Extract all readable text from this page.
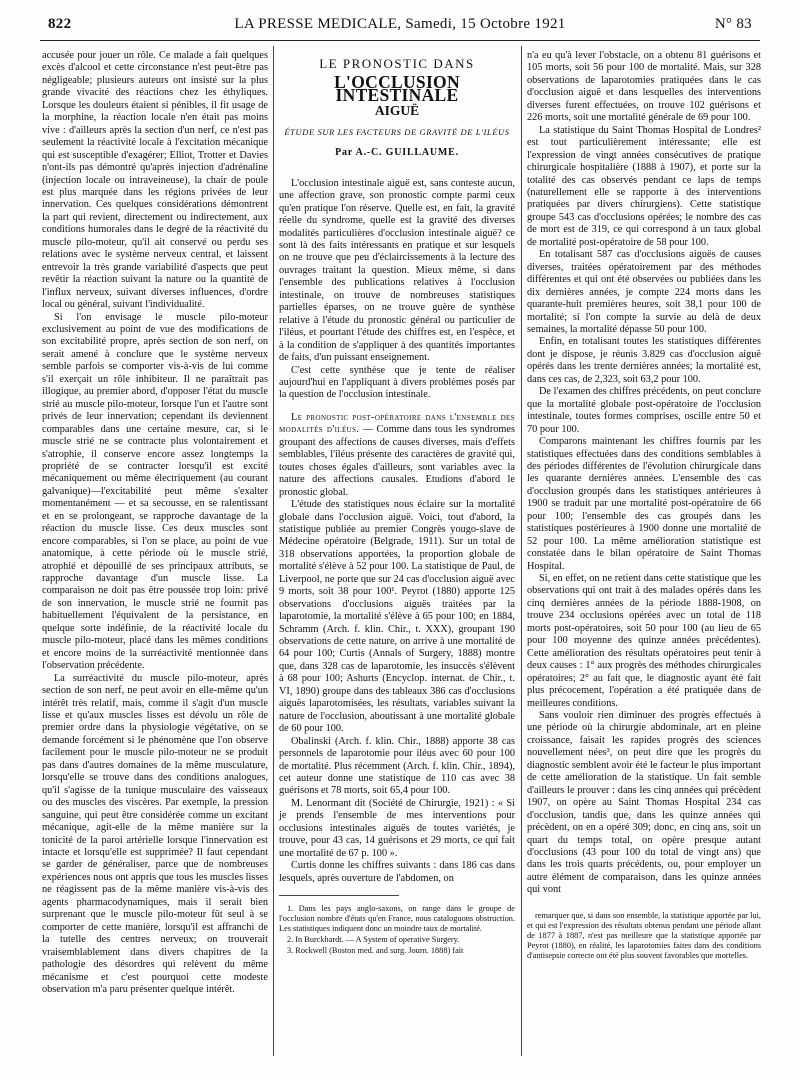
822	LA PRESSE MEDICALE, Samedi, 15 Octobre 1921	N° 83

accusée pour jouer un rôle. Ce malade a fait quelques excès d'alcool et cette circonstance n'est peut-être pas négligeable; plusieurs auteurs ont insisté sur la plus grande vivacité des réactions chez les éthyliques. Lorsque les douleurs étaient si pénibles, il fit usage de la morphine, la réaction locale n'en était pas moins vive : d'ailleurs après la section d'un nerf, ce n'est pas seulement la réactivité locale à l'excitation mécanique qui est susceptible d'exagérer; Elliot, Trotter et Davies n'ont-ils pas démontré qu'après injection d'adrénaline (injection locale ou intraveineuse), la chair de poule est plus marquée dans les régions privées de leur innervation. Ces quelques considérations démontrent la part qui revient, directement ou indirectement, aux conditions humorales dans le degré de la réactivité du muscle pilo-moteur, qu'il ait conservé ou perdu ses relations avec le système nerveux central, et laissent entrevoir la très grande variabilité d'aspects que peut revêtir la réaction suivant la nature ou la quantité de l'influx nerveux, suivant diverses influences, d'ordre local ou général, suivant l'individualité.

Si l'on envisage le muscle pilo-moteur exclusivement au point de vue des modifications de son excitabilité propre, après section de son nerf, on serait amené à conclure que le système nerveux semble parfois se comporter vis-à-vis de lui comme s'il exerçait un rôle inhibiteur. Il ne paraîtrait pas illogique, au premier abord, d'opposer l'état du muscle strié au muscle pilo-moteur, lorsque l'un et l'autre sont privés de leur innervation; cependant ils deviennent comparables dans une certaine mesure, car, si le muscle strié ne se contracte plus volontairement et s'atrophie, il conserve encore assez longtemps la propriété de se contracter lorsqu'il est excité mécaniquement ou même électriquement (au courant galvanique)—l'excitabilité peut même s'exalter momentanément — et sa secousse, en se ralentissant et en se prolongeant, se rapproche davantage de la réaction du muscle lisse. Ces deux muscles sont encore comparables, si l'on se place, au point de vue anatomique, à cette période où le muscle strié, atrophié et dépouillé de ses principaux attributs, se rapproche davantage d'un muscle lisse. La comparaison ne doit pas être poussée trop loin: privé de son innervation, le muscle strié ne fournit pas habituellement l'équivalent de la persistance, en quelque sorte indéfinie, de la réactivité locale du muscle pilo-moteur, placé dans les mêmes conditions et encore moins de la surréactivité mentionnée dans l'observation précédente.

La surréactivité du muscle pilo-moteur, après section de son nerf, ne peut avoir en elle-même qu'un intérêt très relatif, mais, comme il s'agit d'un muscle lisse et qu'aux muscles lisses est dévolu un rôle de premier ordre dans la physiologie végétative, on se demande forcément si le phénomène que l'on observe facilement pour le muscle pilo-moteur ne se produit pas dans d'autres domaines de la même musculature, lorsqu'elle se trouve dans des conditions analogues, qu'il s'agisse de la tunique musculaire des vaisseaux ou des muscles des viscères. Par exemple, la pression sanguine, qui peut être considérée comme un excitant mécanique, agit-elle de la même manière sur la tonicité de la paroi artérielle lorsque l'innervation est intacte et lorsqu'elle est supprimée? Il faut cependant se garder de généraliser, parce que de nombreuses expériences nous ont appris que tous les muscles lisses ne réagissent pas de la même manière vis-à-vis des agents pharmacodynamiques, mais il serait bien surprenant que le muscle pilo-moteur fût seul à se comporter de cette manière, lorsqu'il est affranchi de la tutelle des centres nerveux; on trouverait vraisemblablement dans divers chapitres de la pathologie des désordres qui relèvent du même mécanisme et c'est pourquoi cette modeste observation m'a paru présenter quelque intérêt.

LE PRONOSTIC DANS
L'OCCLUSION INTESTINALE
AIGUË
ÉTUDE SUR LES FACTEURS DE GRAVITÉ DE L'ILÉUS
Par A.-C. GUILLAUME.

L'occlusion intestinale aiguë est, sans conteste aucun, une affection grave, son pronostic compte parmi ceux qu'en pratique l'on réserve. Quelle est, en fait, la gravité réelle du syndrome, quelle est la gravité des diverses modalités particulières d'occlusion intestinale aiguë? ce sont là des faits intéressants en pratique et sur lesquels on ne trouve que peu d'éclaircissements à la lecture des ouvrages traitant la question. Mieux même, si dans l'ensemble des publications relatives à l'occlusion intestinale, on trouve de nombreuses statistiques partielles éparses, on ne trouve guère de synthèse relative à l'étude du pronostic général ou particulier de l'iléus, et pourtant l'étude des chiffres est, en l'espèce, et à la condition de s'appliquer à des quantités importantes de faits, d'un puissant enseignement.

C'est cette synthèse que je tente de réaliser aujourd'hui en l'appliquant à divers problèmes posés par la question de l'occlusion intestinale.

Le pronostic post-opératoire dans l'ensemble des modalités d'iléus. — Comme dans tous les syndromes groupant des affections de causes diverses, mais d'effets semblables, l'iléus présente des caractères de gravité qui, toutes choses égales d'ailleurs, sont variables avec la nature des affections causales. Etudions d'abord le pronostic global.

L'étude des statistiques nous éclaire sur la mortalité globale dans l'occlusion aiguë. Voici, tout d'abord, la statistique publiée au premier Congrès yougo-slave de Médecine opératoire (Belgrade, 1911). Sur un total de 318 observations apportées, la proportion globale de mortalité s'élève à 52 pour 100. La statistique de Paul, de Liverpool, ne porte que sur 24 cas d'occlusion aiguë avec 9 morts, soit 38 pour 100¹. Peyrot (1880) apporte 125 observations d'occlusions aiguës traitées par la laparotomie, la mortalité s'élève à 65 pour 100; en 1884, Schramm (Arch. f. klin. Chir., t. XXX), groupant 190 observations de cette nature, on arrive à une mortalité de 64 pour 100; Curtis (Annals of Surgery, 1888) montre que, dans 328 cas de laparotomie, les insuccès s'élèvent à 68 pour 100; Ashurts (Encyclop. internat. de Chir., t. VI, 1890) groupe dans des tableaux 386 cas d'occlusions aiguës laparotomisées, les résultats, variables suivant la nature de l'occlusion, aboutissant à une mortalité globale de 60 pour 100.

Obalinski (Arch. f. klin. Chir., 1888) apporte 38 cas personnels de laparotomie pour iléus avec 60 pour 100 de mortalité. Plus récemment (Arch. f. klin. Chir., 1894), cet auteur donne une statistique de 110 cas avec 38 guérisons et 78 morts, soit 65,4 pour 100.

M. Lenormant dit (Société de Chirurgie, 1921) : « Si je prends l'ensemble de mes interventions pour occlusions intestinales aiguës de toutes variétés, je trouve, pour 43 cas, 14 guérisons et 29 morts, ce qui fait une mortalité de 67 p. 100 ».

Curtis donne les chiffres suivants : dans 186 cas dans lesquels, après ouverture de l'abdomen, on

1. Dans les pays anglo-saxons, on range dans le groupe de l'occlusion nombre d'états qu'en France, nous cataloguons obstruction. Les statistiques indiquent donc un moindre taux de mortalité.

2. In Burckhardt. — A System of operative Surgery.

3. Rockwell (Boston med. and surg. Journ. 1888) fait

n'a eu qu'à lever l'obstacle, on a obtenu 81 guérisons et 105 morts, soit 56 pour 100 de mortalité. Mais, sur 328 observations de laparotomies pratiquées dans le cas d'occlusion aiguë et dans lesquelles des interventions diverses furent effectuées, on trouve 102 guérisons et 226 morts, soit une mortalité générale de 69 pour 100.

La statistique du Saint Thomas Hospital de Londres² est tout particulièrement intéressante; elle est l'expression de vingt années consécutives de pratique chirurgicale hospitalière (1888 à 1907), et porte sur la totalité des cas observés pendant ce laps de temps (naturellement elle se rapporte à des interventions pratiquées par divers chirurgiens). Cette statistique groupe 543 cas d'occlusions opérées; le nombre des cas de mort est de 319, ce qui correspond à un taux global de mortalité post-opératoire de 58 pour 100.

En totalisant 587 cas d'occlusions aiguës de causes diverses, traitées opératoirement par des méthodes différentes et qui ont été observées ou publiées dans les dix dernières années, je compte 224 morts dans les quarante-huit premières heures, soit 38,1 pour 100 de mortalité; si l'on compte la survie au delà de deux semaines, la mortalité dépasse 50 pour 100.

Enfin, en totalisant toutes les statistiques différentes dont je dispose, je réunis 3.829 cas d'occlusion aiguë opérés dans les trente dernières années; la mortalité est, dans ces cas, de 2,323, soit 63,2 pour 100.

De l'examen des chiffres précédents, on peut conclure que la mortalité globale post-opératoire de l'occlusion intestinale, toutes formes comprises, oscille entre 50 et 70 pour 100.

Comparons maintenant les chiffres fournis par les statistiques effectuées dans des conditions semblables à des périodes différentes de l'évolution chirurgicale dans les quarante dernières années. L'ensemble des cas d'occlusion groupés dans les statistiques antérieures à 1900 se traduit par une mortalité post-opératoire de 66 pour 100; l'ensemble des cas groupés dans les statistiques postérieures à 1900 donne une mortalité de 52 pour 100. La même amélioration statistique est constatée dans le bilan opératoire de Saint Thomas Hospital.

Si, en effet, on ne retient dans cette statistique que les observations qui ont trait à des malades opérés dans les cinq dernières années de la période 1888-1908, on trouve 234 occlusions opérées avec un total de 118 morts post-opératoires, soit 50 pour 100 (au lieu de 65 pour 100 moyenne des quinze années précédentes). Cette amélioration des résultats opératoires peut tenir à deux causes : 1° aux progrès des méthodes chirurgicales opératoires; 2° au fait que, le diagnostic ayant été fait plus précocement, l'opération a été pratiquée dans de meilleures conditions.

Sans vouloir rien diminuer des progrès effectués à une période où la chirurgie abdominale, art en pleine croissance, faisait les rapides progrès des sciences nouvellement nées³, on peut dire que les progrès du diagnostic semblent avoir été le facteur le plus important de cette amélioration de la statistique. Un fait semble d'ailleurs le prouver : dans les cinq années qui précèdent 1907, on opère au Saint Thomas Hospital 234 cas d'occlusion, tandis que, dans les quinze années qui précèdent, on en a opéré 309; donc, en cinq ans, soit un quart du temps total, on opère presque autant d'occlusions (43 pour 100 du total de vingt ans) que dans les trois quarts précédents, ou, pour employer un autre élément de comparaison, dans les quinze années qui vont

remarquer que, si dans son ensemble, la statistique apportée par lui, et qui est l'expression des résultats obtenus pendant une période allant de 1877 à 1887, n'est pas meilleure que la statistique apportée par Peyrot (1880), en réalité, les laparotomies faites dans des conditions d'antisepsie correcte ont été plus souvent favorables que mortelles.
